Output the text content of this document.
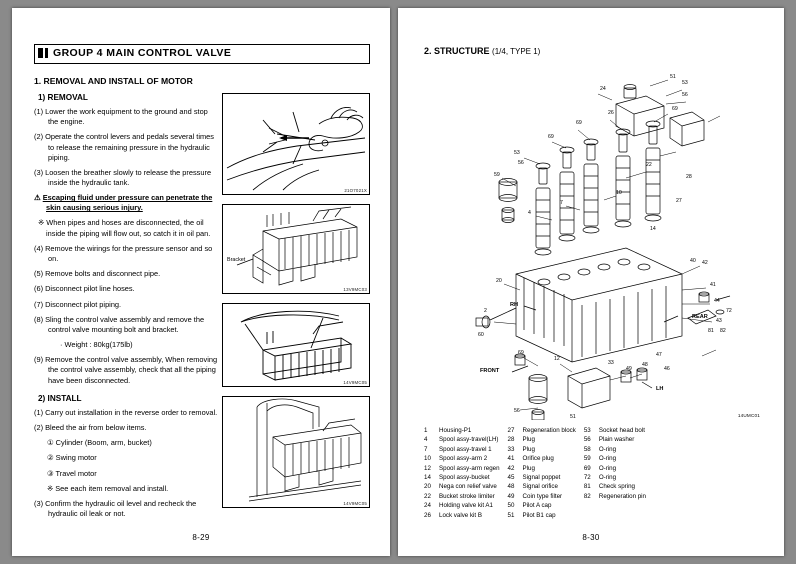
GROUP 4 MAIN CONTROL VALVE
1. REMOVAL AND INSTALL OF MOTOR
1) REMOVAL

(1) Lower the work equipment to the ground and stop the engine.

(2) Operate the control levers and pedals several times to release the remaining pressure in the hydraulic piping.

(3) Loosen the breather slowly to release the pressure inside the hydraulic tank.

⚠ Escaping fluid under pressure can penetrate the skin causing serious injury.

※ When pipes and hoses are disconnected, the oil inside the piping will flow out, so catch it in oil pan.

(4) Remove the wirings for the pressure sensor and so on.

(5) Remove bolts and disconnect pipe.

(6) Disconnect pilot line hoses.

(7) Disconnect pilot piping.

(8) Sling the control valve assembly and remove the control valve mounting bolt and bracket.

· Weight : 80kg(175lb)

(9) Remove the control valve assembly, When removing the control valve assembly, check that all the piping have been disconnected.

2) INSTALL

(1) Carry out installation in the reverse order to removal.

(2) Bleed the air from below items.

① Cylinder (Boom, arm, bucket)

② Swing motor

③ Travel motor

※ See each item removal and install.

(3) Confirm the hydraulic oil level and recheck the hydraulic oil leak or not.

21O7021X
Bracket
13V9MC03
14V9MC05
14V9MC05
8-29
2. STRUCTURE (1/4, TYPE 1)
53
56
24
51
53
56
69
69
26
69
22
10
7
4
59
42
41
44
43
72
81 82
20
2
69
56
12
51
49
48
47
46
33
14
27
28
40
60
RH
REAR
FRONT
LH
14UMC01
1
4
7
10
12
14
20
22
24
26
Housing-P1
Spool assy-travel(LH)
Spool assy-travel 1
Spool assy-arm 2
Spool assy-arm regen
Spool assy-bucket
Nega con relief valve
Bucket stroke limiter
Holding valve kit A1
Lock valve kit B
27
28
33
41
42
45
48
49
50
51
Regeneration block
Plug
Plug
Orifice plug
Plug
Signal poppet
Signal orifice
Coin type filter
Pilot A cap
Pilot B1 cap
53
56
58
59
69
72
81
82
Socket head bolt
Plain washer
O-ring
O-ring
O-ring
O-ring
Check spring
Regeneration pin
8-30
